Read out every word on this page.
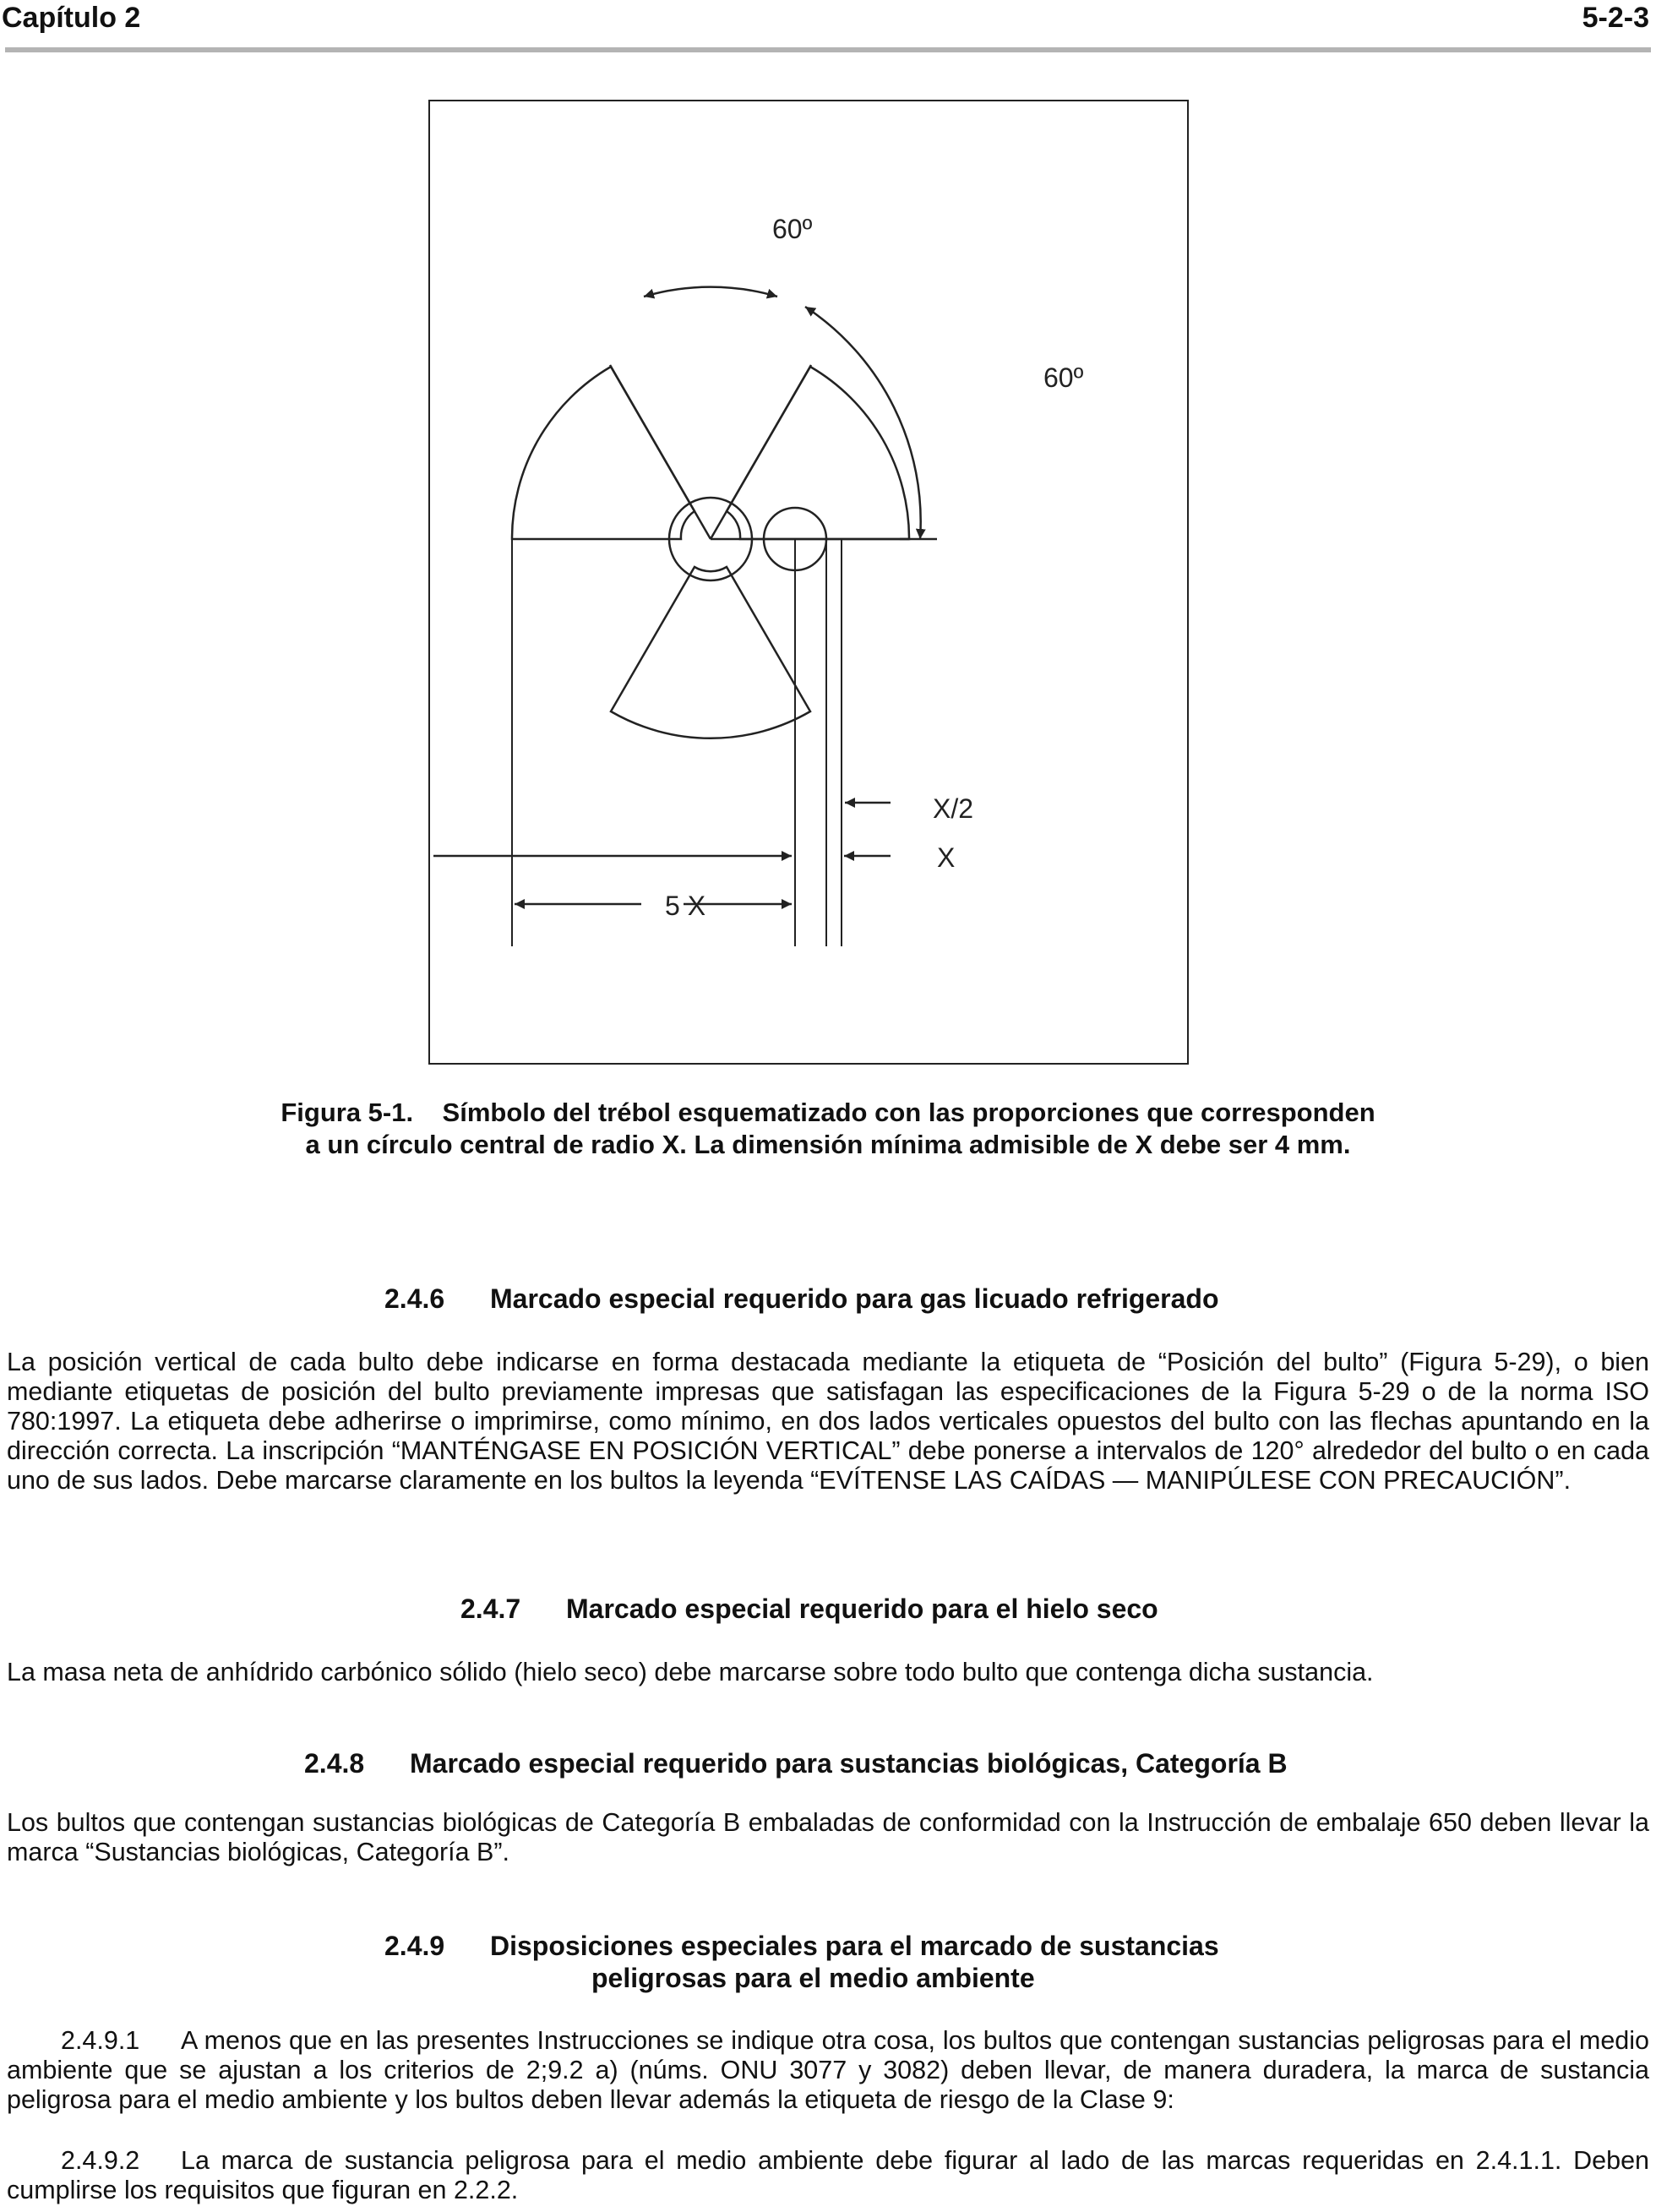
Capítulo 2	5-2-3
60º
60º
X/2
X
5 X
Figura 5-1.    Símbolo del trébol esquematizado con las proporciones que corresponden
a un círculo central de radio X. La dimensión mínima admisible de X debe ser 4 mm.
2.4.6 Marcado especial requerido para gas licuado refrigerado
La posición vertical de cada bulto debe indicarse en forma destacada mediante la etiqueta de “Posición del bulto” (Figura 5-29), o bien mediante etiquetas de posición del bulto previamente impresas que satisfagan las especificaciones de la Figura 5-29 o de la norma ISO 780:1997. La etiqueta debe adherirse o imprimirse, como mínimo, en dos lados verticales opuestos del bulto con las flechas apuntando en la dirección correcta. La inscripción “MANTÉNGASE EN POSICIÓN VERTICAL” debe ponerse a intervalos de 120° alrededor del bulto o en cada uno de sus lados. Debe marcarse claramente en los bultos la leyenda “EVÍTENSE LAS CAÍDAS — MANIPÚLESE CON PRECAUCIÓN”.
2.4.7 Marcado especial requerido para el hielo seco
La masa neta de anhídrido carbónico sólido (hielo seco) debe marcarse sobre todo bulto que contenga dicha sustancia.
2.4.8 Marcado especial requerido para sustancias biológicas, Categoría B
Los bultos que contengan sustancias biológicas de Categoría B embaladas de conformidad con la Instrucción de embalaje 650 deben llevar la marca “Sustancias biológicas, Categoría B”.
2.4.9 Disposiciones especiales para el marcado de sustancias
peligrosas para el medio ambiente
2.4.9.1 A menos que en las presentes Instrucciones se indique otra cosa, los bultos que contengan sustancias peligrosas para el medio ambiente que se ajustan a los criterios de 2;9.2 a) (núms. ONU 3077 y 3082) deben llevar, de manera duradera, la marca de sustancia peligrosa para el medio ambiente y los bultos deben llevar además la etiqueta de riesgo de la Clase 9:
2.4.9.2 La marca de sustancia peligrosa para el medio ambiente debe figurar al lado de las marcas requeridas en 2.4.1.1. Deben cumplirse los requisitos que figuran en 2.2.2.
